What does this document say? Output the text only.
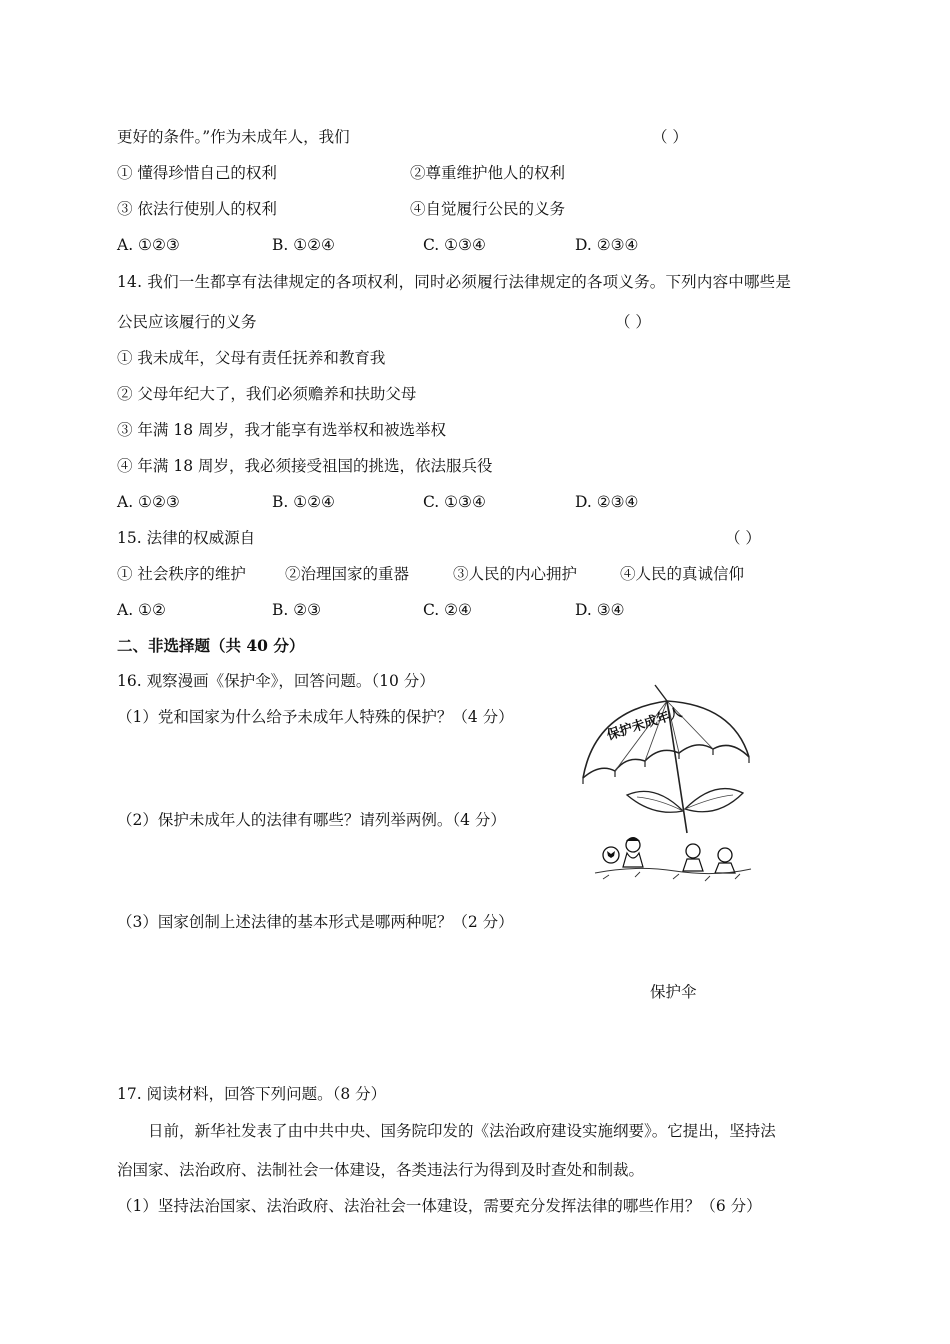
更好的条件。”作为未成年人，我们	（ ）
① 懂得珍惜自己的权利	②尊重维护他人的权利
③ 依法行使别人的权利	④自觉履行公民的义务
A. ①②③	B. ①②④	C. ①③④	D. ②③④
14. 我们一生都享有法律规定的各项权利，同时必须履行法律规定的各项义务。下列内容中哪些是
公民应该履行的义务	（ ）
① 我未成年，父母有责任抚养和教育我
② 父母年纪大了，我们必须赡养和扶助父母
③ 年满 18 周岁，我才能享有选举权和被选举权
④ 年满 18 周岁，我必须接受祖国的挑选，依法服兵役
A. ①②③	B. ①②④	C. ①③④	D. ②③④
15. 法律的权威源自	（ ）
① 社会秩序的维护	②治理国家的重器	③人民的内心拥护	④人民的真诚信仰
A. ①②	B. ②③	C. ②④	D. ③④
二、非选择题（共 40 分）
16. 观察漫画《保护伞》，回答问题。（10 分）
（1）党和国家为什么给予未成年人特殊的保护？（4 分）
（2）保护未成年人的法律有哪些？请列举两例。（4 分）
（3）国家创制上述法律的基本形式是哪两种呢？（2 分）
保护未成年人
保护伞
17. 阅读材料，回答下列问题。（8 分）
日前，新华社发表了由中共中央、国务院印发的《法治政府建设实施纲要》。它提出，坚持法
治国家、法治政府、法制社会一体建设，各类违法行为得到及时查处和制裁。
（1）坚持法治国家、法治政府、法治社会一体建设，需要充分发挥法律的哪些作用？（6 分）
